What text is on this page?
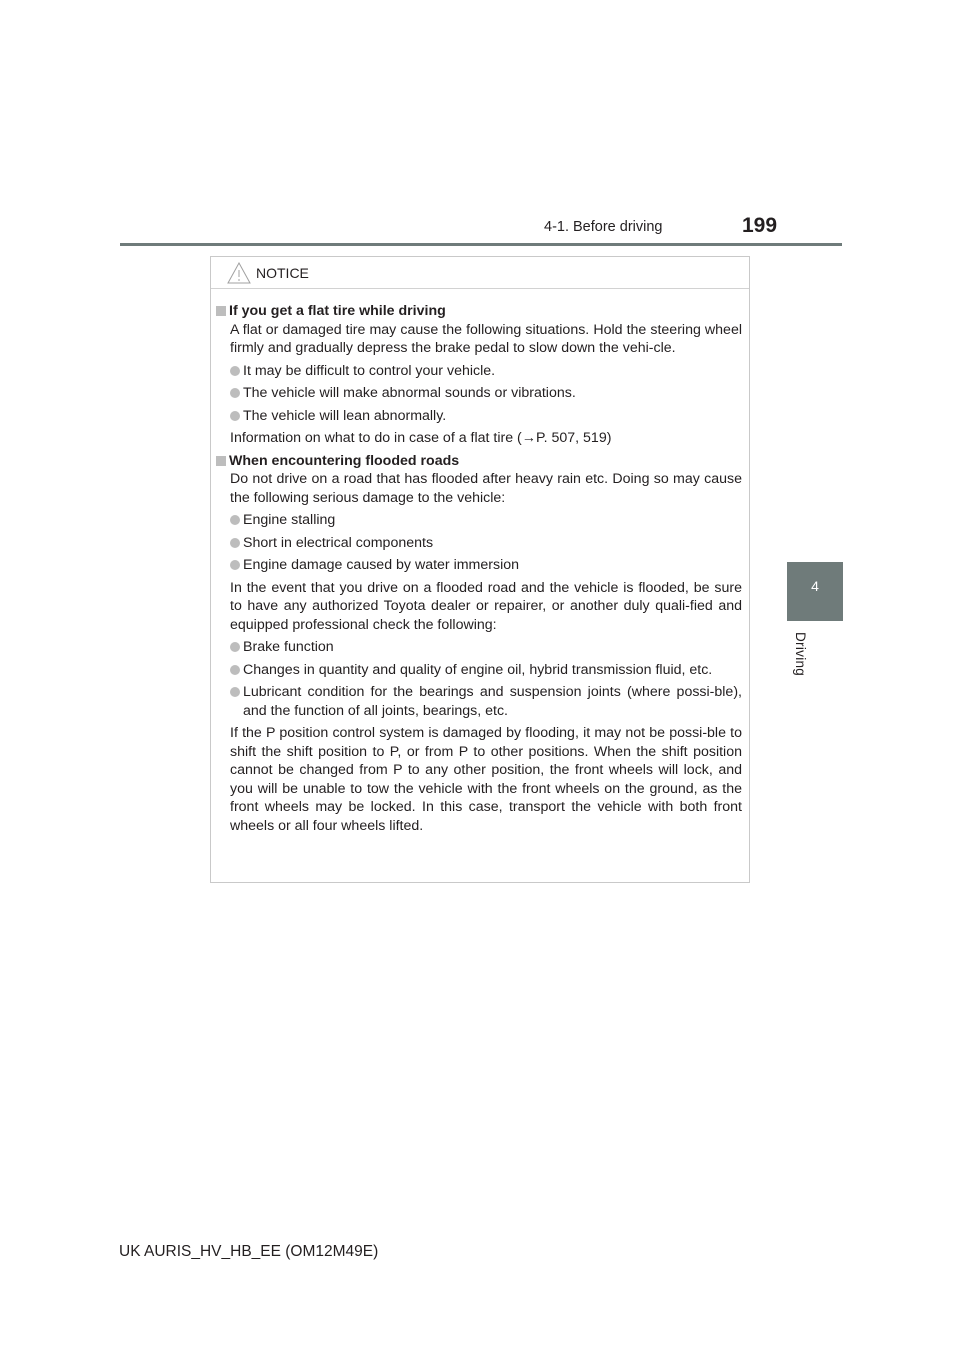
4-1. Before driving	199
4
Driving
NOTICE
If you get a flat tire while driving
A flat or damaged tire may cause the following situations. Hold the steering wheel firmly and gradually depress the brake pedal to slow down the vehi-cle.
It may be difficult to control your vehicle.
The vehicle will make abnormal sounds or vibrations.
The vehicle will lean abnormally.
Information on what to do in case of a flat tire (→P. 507, 519)
When encountering flooded roads
Do not drive on a road that has flooded after heavy rain etc. Doing so may cause the following serious damage to the vehicle:
Engine stalling
Short in electrical components
Engine damage caused by water immersion
In the event that you drive on a flooded road and the vehicle is flooded, be sure to have any authorized Toyota dealer or repairer, or another duly quali-fied and equipped professional check the following:
Brake function
Changes in quantity and quality of engine oil, hybrid transmission fluid, etc.
Lubricant condition for the bearings and suspension joints (where possi-ble), and the function of all joints, bearings, etc.
If the P position control system is damaged by flooding, it may not be possi-ble to shift the shift position to P, or from P to other positions. When the shift position cannot be changed from P to any other position, the front wheels will lock, and you will be unable to tow the vehicle with the front wheels on the ground, as the front wheels may be locked. In this case, transport the vehicle with both front wheels or all four wheels lifted.
UK AURIS_HV_HB_EE (OM12M49E)
